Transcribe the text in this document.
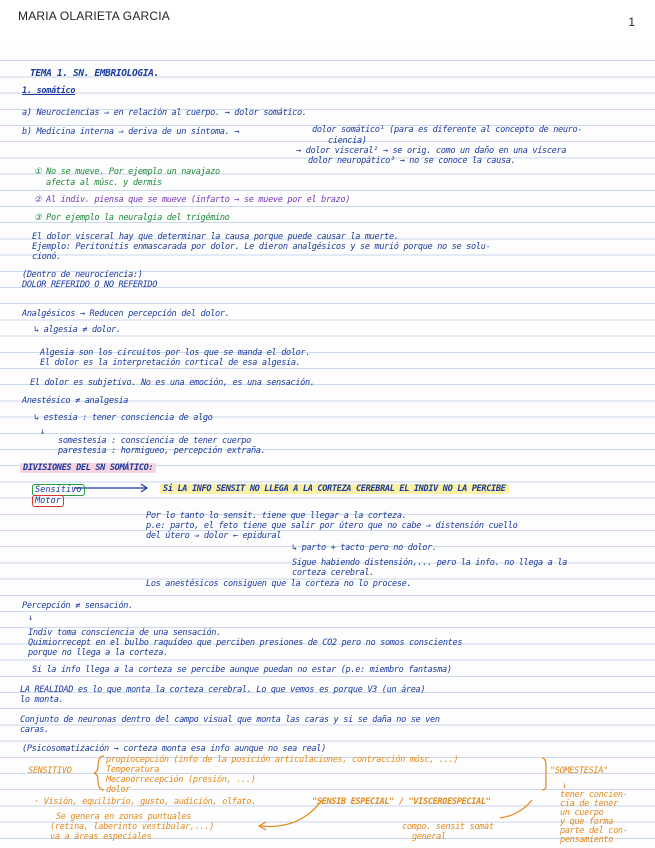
MARIA OLARIETA GARCIA	1
TEMA 1. SN. EMBRIOLOGIA.
1. somático
a) Neurociencias ⇒ en relación al cuerpo. → dolor somático.
b) Medicina interna ⇒ deriva de un síntoma. →	dolor somático¹ (para es diferente al concepto de neuro-
ciencia)
→ dolor visceral² → se orig. como un daño en una víscera
dolor neuropático³ → no se conoce la causa.
① No se mueve. Por ejemplo un navajazo
afecta al músc. y dermis
② Al indiv. piensa que se mueve (infarto → se mueve por el brazo)
③ Por ejemplo la neuralgia del trigémino
El dolor visceral hay que determinar la causa porque puede causar la muerte.
Ejemplo: Peritonitis enmascarada por dolor. Le dieron analgésicos y se murió porque no se solu-
cionó.
(Dentro de neurociencia:)
DOLOR REFERIDO O NO REFERIDO
Analgésicos → Reducen percepción del dolor.
↳ algesia ≠ dolor.
Algesia son los circuitos por los que se manda el dolor.
El dolor es la interpretación cortical de esa algesia.
El dolor es subjetivo. No es una emoción, es una sensación.
Anestésico ≠ analgesia
↳ estesia : tener consciencia de algo
↓
somestesia : consciencia de tener cuerpo
parestesia : hormigueo, percepción extraña.
DIVISIONES DEL SN SOMÁTICO:
Sensitivo
Motor
Si LA INFO SENSIT NO LLEGA A LA CORTEZA CEREBRAL EL INDIV NO LA PERCIBE
Por lo tanto lo sensit. tiene que llegar a la corteza.
p.e: parto, el feto tiene que salir por útero que no cabe ⇒ distensión cuello
del útero ⇒ dolor ← epidural
↳ parto + tacto pero no dolor.
Sigue habiendo distensión,... pero la info. no llega a la
corteza cerebral.
Los anestésicos consiguen que la corteza no lo procese.
Percepción ≠ sensación.
↓
Indiv toma consciencia de una sensación.
Quimiorrecept en el bulbo raquídeo que perciben presiones de CO2 pero no somos conscientes
porque no llega a la corteza.
Si la info llega a la corteza se percibe aunque puedan no estar (p.e: miembro fantasma)
LA REALIDAD es lo que monta la corteza cerebral. Lo que vemos es porque V3 (un área)
lo monta.
Conjunto de neuronas dentro del campo visual que monta las caras y si se daña no se ven
caras.
(Psicosomatización → corteza monta esa info aunque no sea real)
SENSITIVO
propiocepción (info de la posición articulaciones, contracción músc, ...)
Temperatura
Mecanorrecepción (presión, ...)
dolor
"SOMESTESIA"
· Visión, equilibrio, gusto, audición, olfato.	"SENSIB ESPECIAL" / "VISCEROESPECIAL"
↓
tener concien-
cia de tener
un cuerpo
y que forma
parte del con-
pensamiento
Se genera en zonas puntuales
(retina, laberinto vestibular,...)
va a áreas especiales
compo. sensit somát
general
